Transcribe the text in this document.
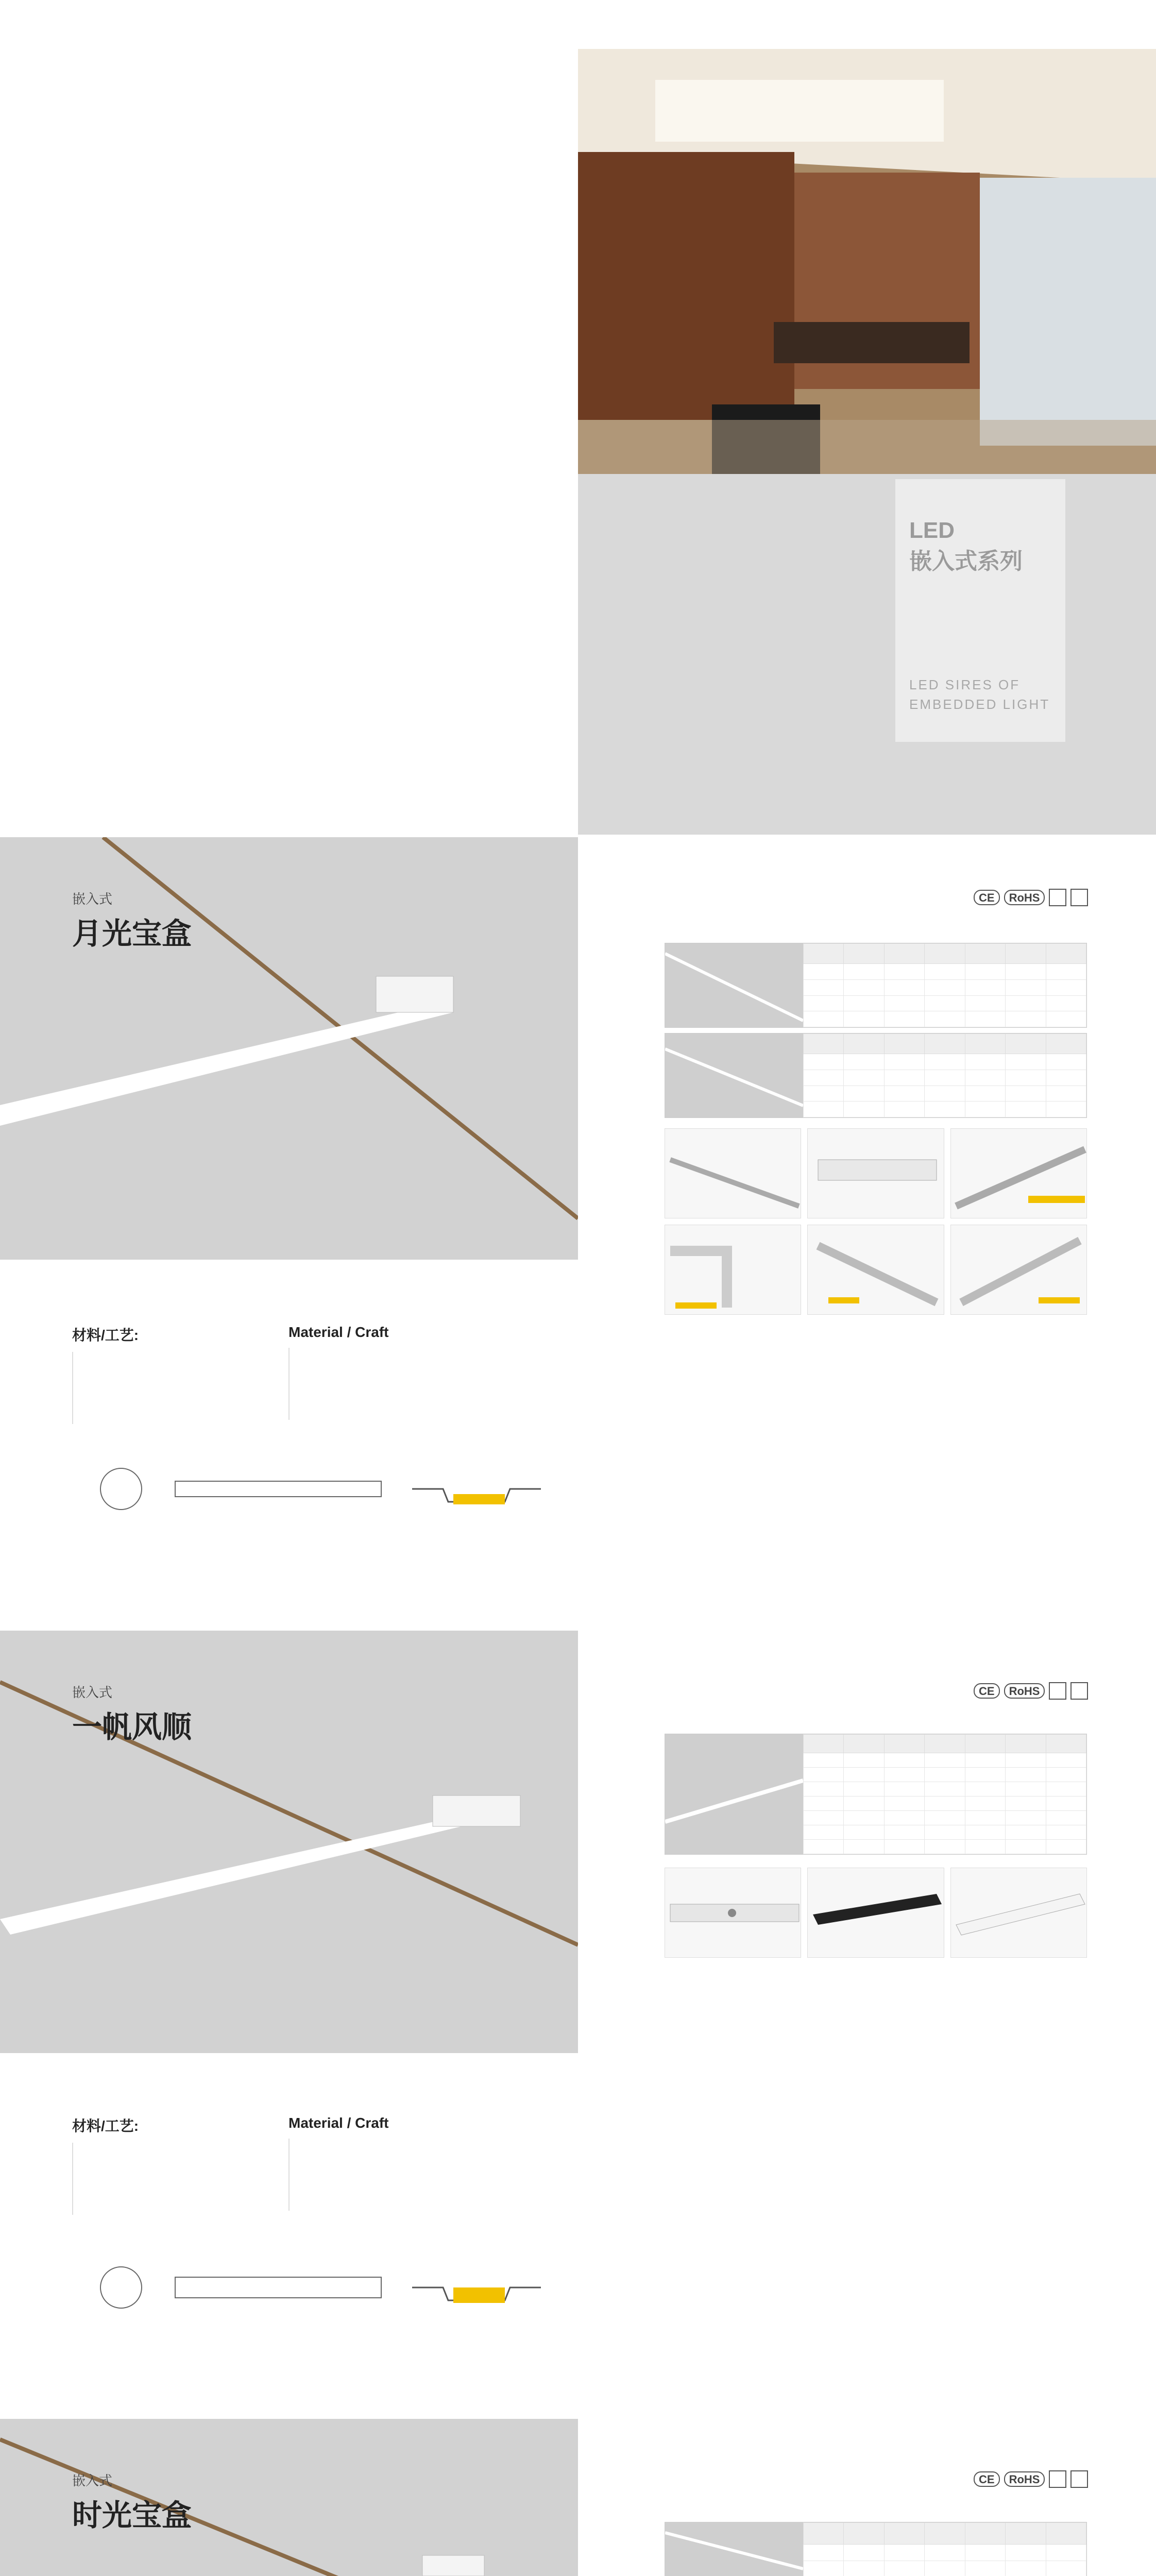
LED
嵌入式系列
LED SIRES OF
EMBEDDED LIGHT
嵌入式
月光宝盒
CE	RoHS

材料/工艺:	Material / Craft
嵌入式
一帆风顺
CE	RoHS

材料/工艺:	Material / Craft
嵌入式
时光宝盒
CE	RoHS
